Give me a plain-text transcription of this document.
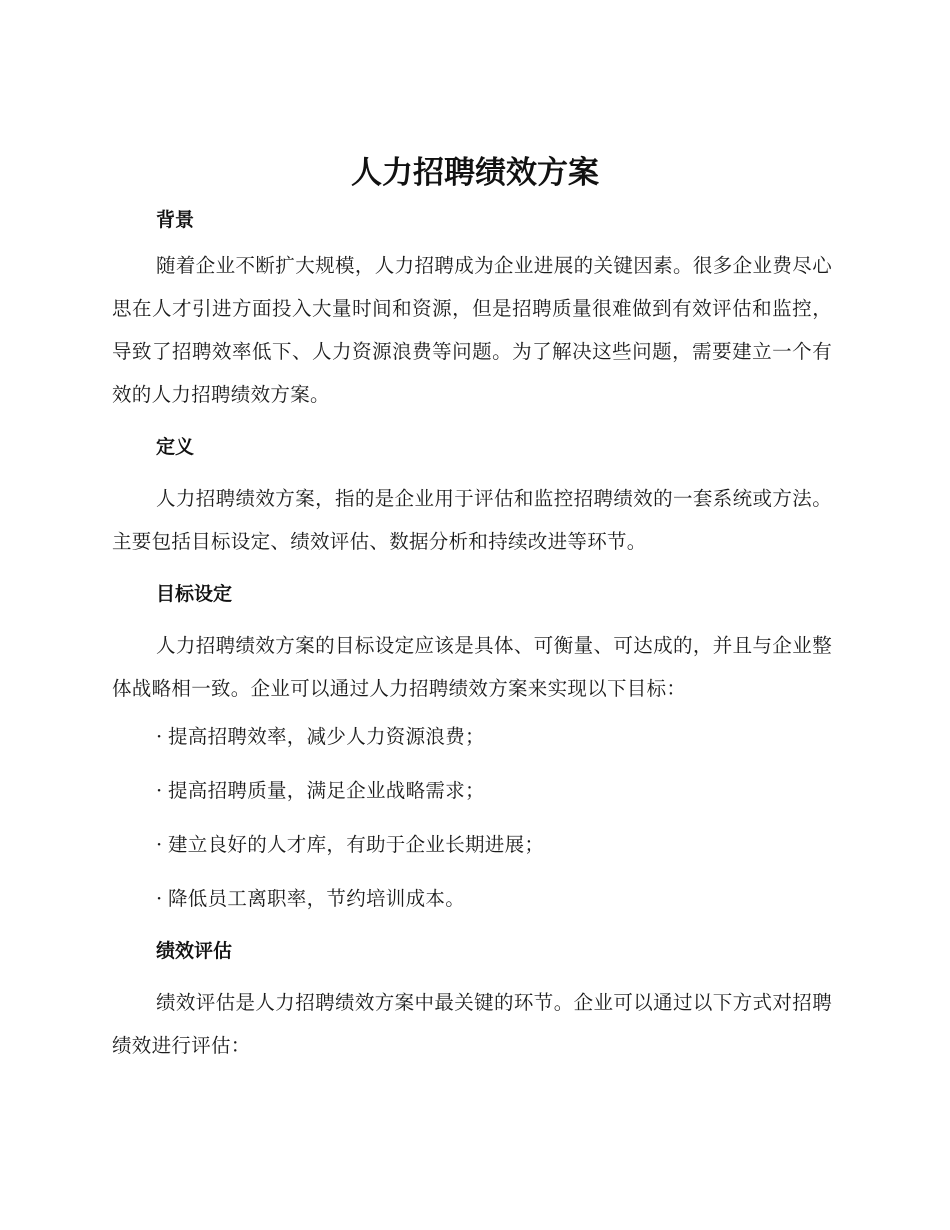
人力招聘绩效方案
背景

随着企业不断扩大规模，人力招聘成为企业进展的关键因素。很多企业费尽心思在人才引进方面投入大量时间和资源，但是招聘质量很难做到有效评估和监控，导致了招聘效率低下、人力资源浪费等问题。为了解决这些问题，需要建立一个有效的人力招聘绩效方案。

定义

人力招聘绩效方案，指的是企业用于评估和监控招聘绩效的一套系统或方法。主要包括目标设定、绩效评估、数据分析和持续改进等环节。

目标设定

人力招聘绩效方案的目标设定应该是具体、可衡量、可达成的，并且与企业整体战略相一致。企业可以通过人力招聘绩效方案来实现以下目标：

· 提高招聘效率，减少人力资源浪费；
· 提高招聘质量，满足企业战略需求；
· 建立良好的人才库，有助于企业长期进展；
· 降低员工离职率，节约培训成本。
绩效评估

绩效评估是人力招聘绩效方案中最关键的环节。企业可以通过以下方式对招聘绩效进行评估：
